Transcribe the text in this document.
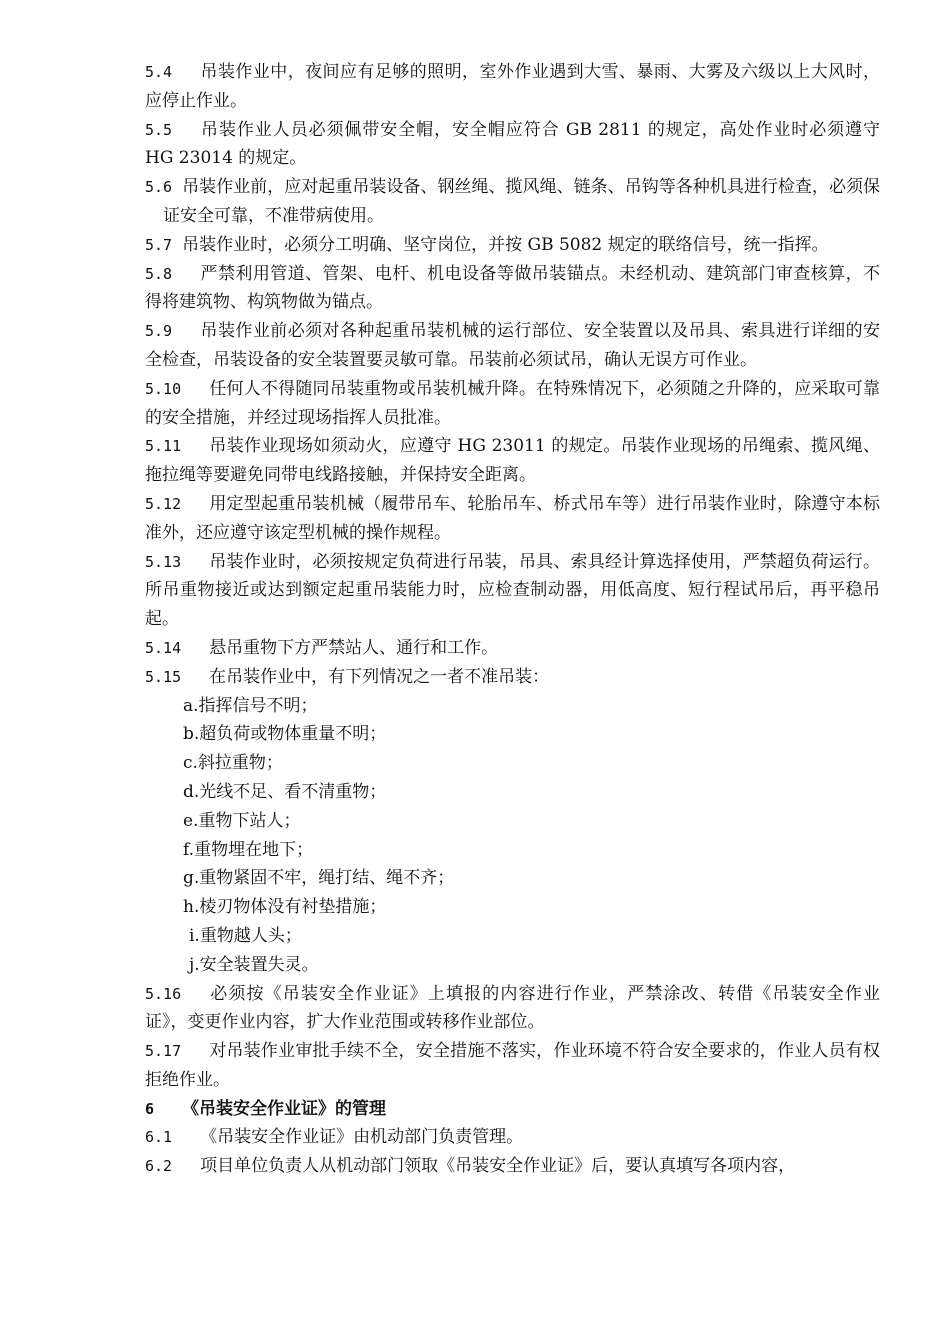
5.4 吊装作业中，夜间应有足够的照明，室外作业遇到大雪、暴雨、大雾及六级以上大风时，应停止作业。

5.5 吊装作业人员必须佩带安全帽，安全帽应符合 GB 2811 的规定，高处作业时必须遵守 HG 23014 的规定。

5.6 吊装作业前，应对起重吊装设备、钢丝绳、揽风绳、链条、吊钩等各种机具进行检查，必须保证安全可靠，不准带病使用。

5.7 吊装作业时，必须分工明确、坚守岗位，并按 GB 5082 规定的联络信号，统一指挥。

5.8 严禁利用管道、管架、电杆、机电设备等做吊装锚点。未经机动、建筑部门审查核算，不得将建筑物、构筑物做为锚点。

5.9 吊装作业前必须对各种起重吊装机械的运行部位、安全装置以及吊具、索具进行详细的安全检查，吊装设备的安全装置要灵敏可靠。吊装前必须试吊，确认无误方可作业。

5.10 任何人不得随同吊装重物或吊装机械升降。在特殊情况下，必须随之升降的，应采取可靠的安全措施，并经过现场指挥人员批准。

5.11 吊装作业现场如须动火，应遵守 HG 23011 的规定。吊装作业现场的吊绳索、揽风绳、拖拉绳等要避免同带电线路接触，并保持安全距离。

5.12 用定型起重吊装机械（履带吊车、轮胎吊车、桥式吊车等）进行吊装作业时，除遵守本标准外，还应遵守该定型机械的操作规程。

5.13 吊装作业时，必须按规定负荷进行吊装，吊具、索具经计算选择使用，严禁超负荷运行。所吊重物接近或达到额定起重吊装能力时，应检查制动器，用低高度、短行程试吊后，再平稳吊起。

5.14 悬吊重物下方严禁站人、通行和工作。

5.15 在吊装作业中，有下列情况之一者不准吊装：

a.指挥信号不明；

b.超负荷或物体重量不明；

c.斜拉重物；

d.光线不足、看不清重物；

e.重物下站人；

f.重物埋在地下；

g.重物紧固不牢，绳打结、绳不齐；

h.棱刃物体没有衬垫措施；

i.重物越人头；

j.安全装置失灵。

5.16 必须按《吊装安全作业证》上填报的内容进行作业，严禁涂改、转借《吊装安全作业证》，变更作业内容，扩大作业范围或转移作业部位。

5.17 对吊装作业审批手续不全，安全措施不落实，作业环境不符合安全要求的，作业人员有权拒绝作业。

6 《吊装安全作业证》的管理

6.1 《吊装安全作业证》由机动部门负责管理。

6.2 项目单位负责人从机动部门领取《吊装安全作业证》后，要认真填写各项内容，
